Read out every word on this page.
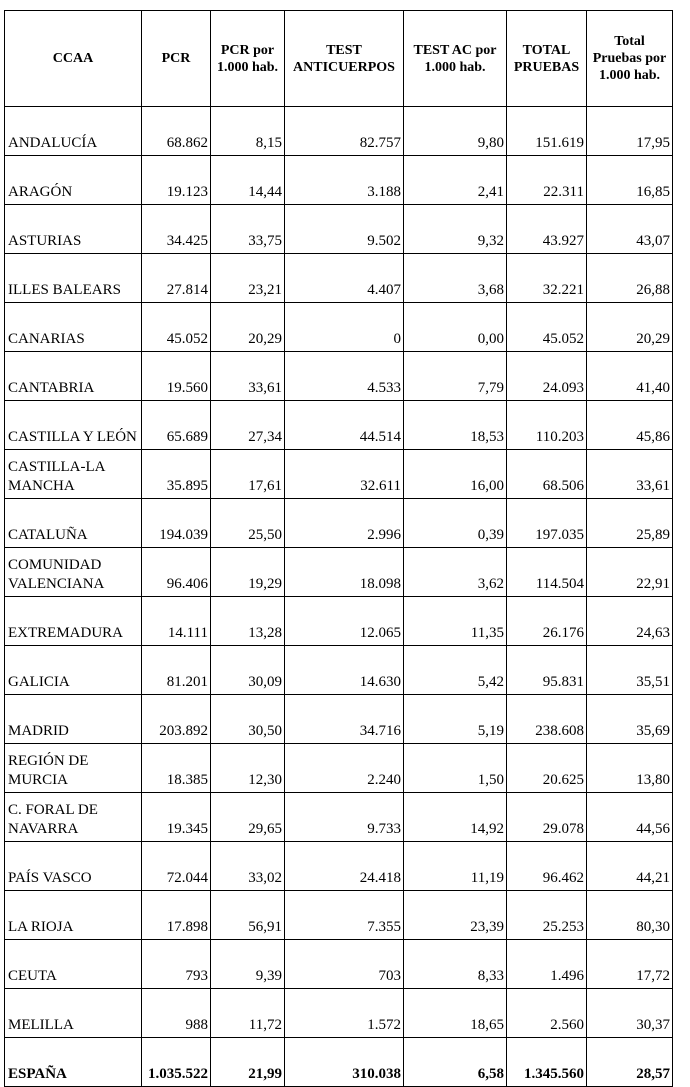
CCAA	PCR	PCR por 1.000 hab.	TEST ANTICUERPOS	TEST AC por 1.000 hab.	TOTAL PRUEBAS	Total Pruebas por 1.000 hab.
ANDALUCÍA	68.862	8,15	82.757	9,80	151.619	17,95
ARAGÓN	19.123	14,44	3.188	2,41	22.311	16,85
ASTURIAS	34.425	33,75	9.502	9,32	43.927	43,07
ILLES BALEARS	27.814	23,21	4.407	3,68	32.221	26,88
CANARIAS	45.052	20,29	0	0,00	45.052	20,29
CANTABRIA	19.560	33,61	4.533	7,79	24.093	41,40
CASTILLA Y LEÓN	65.689	27,34	44.514	18,53	110.203	45,86
CASTILLA-LA MANCHA	35.895	17,61	32.611	16,00	68.506	33,61
CATALUÑA	194.039	25,50	2.996	0,39	197.035	25,89
COMUNIDAD VALENCIANA	96.406	19,29	18.098	3,62	114.504	22,91
EXTREMADURA	14.111	13,28	12.065	11,35	26.176	24,63
GALICIA	81.201	30,09	14.630	5,42	95.831	35,51
MADRID	203.892	30,50	34.716	5,19	238.608	35,69
REGIÓN DE MURCIA	18.385	12,30	2.240	1,50	20.625	13,80
C. FORAL DE NAVARRA	19.345	29,65	9.733	14,92	29.078	44,56
PAÍS VASCO	72.044	33,02	24.418	11,19	96.462	44,21
LA RIOJA	17.898	56,91	7.355	23,39	25.253	80,30
CEUTA	793	9,39	703	8,33	1.496	17,72
MELILLA	988	11,72	1.572	18,65	2.560	30,37
ESPAÑA	1.035.522	21,99	310.038	6,58	1.345.560	28,57
